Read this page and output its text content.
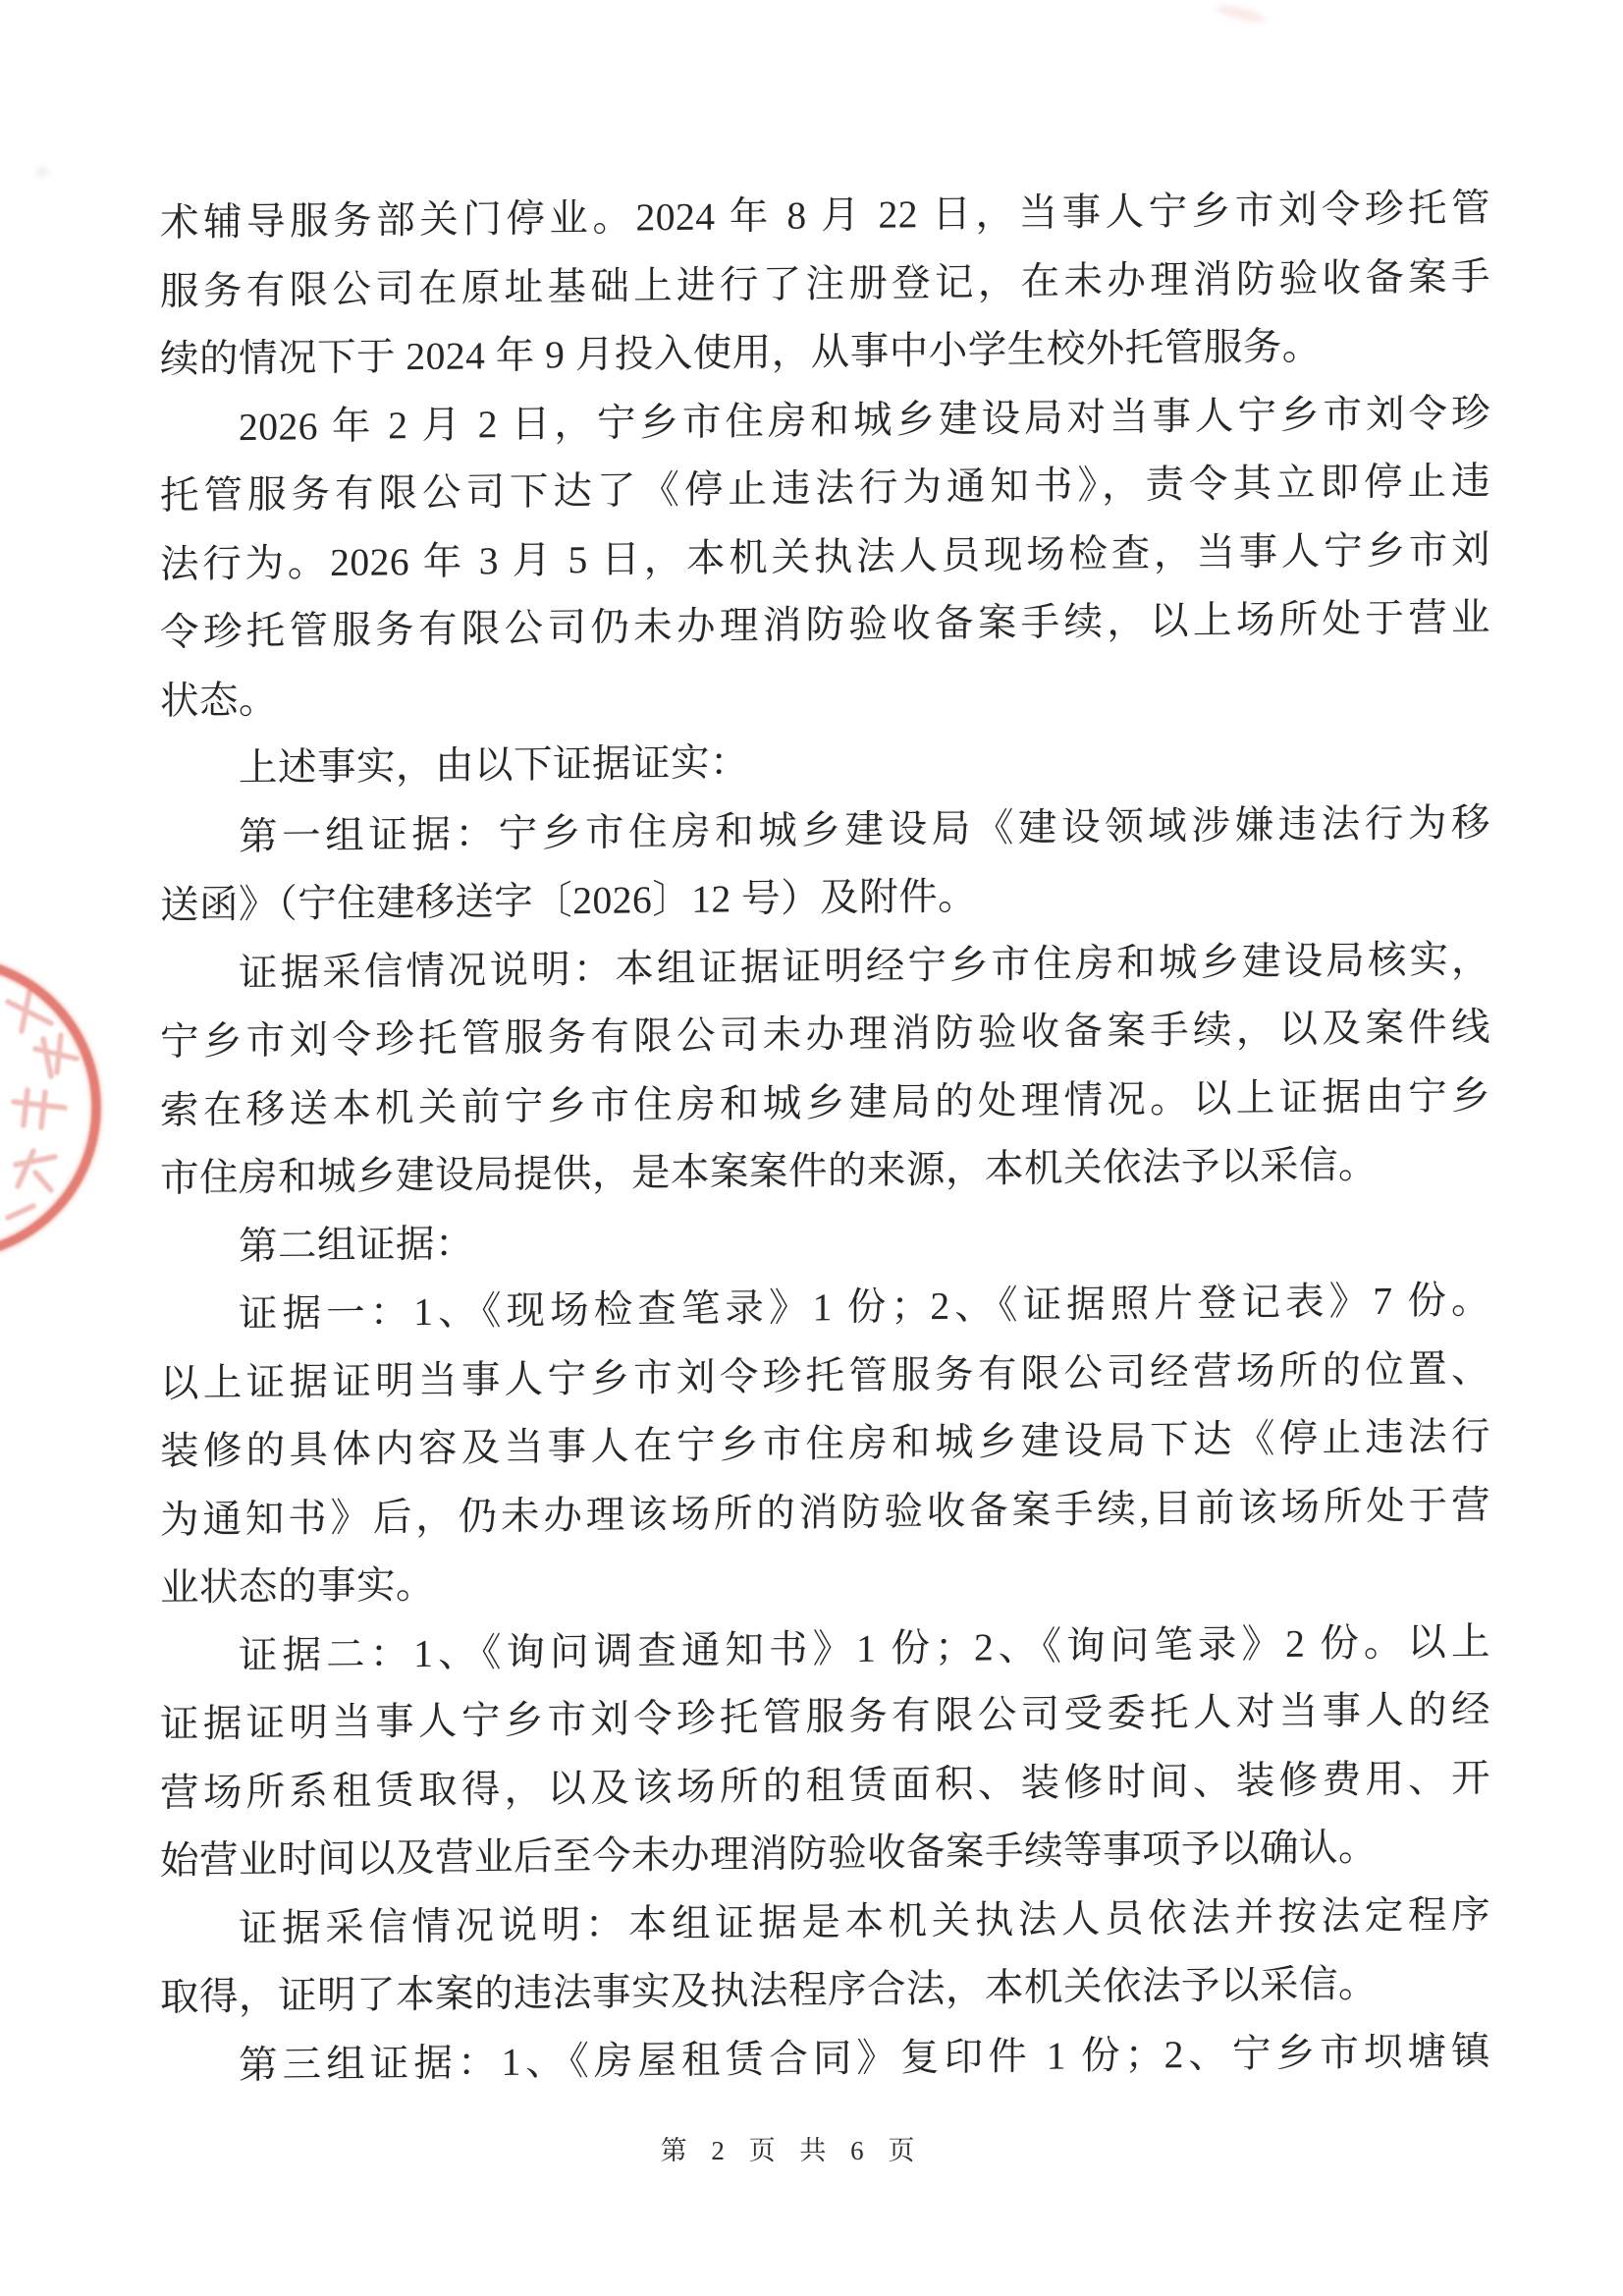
术辅导服务部关门停业。2024 年 8 月 22 日，当事人宁乡市刘令珍托管
服务有限公司在原址基础上进行了注册登记，在未办理消防验收备案手
续的情况下于 2024 年 9 月投入使用，从事中小学生校外托管服务。
2026 年 2 月 2 日，宁乡市住房和城乡建设局对当事人宁乡市刘令珍
托管服务有限公司下达了《停止违法行为通知书》，责令其立即停止违
法行为。2026 年 3 月 5 日，本机关执法人员现场检查，当事人宁乡市刘
令珍托管服务有限公司仍未办理消防验收备案手续，以上场所处于营业
状态。
上述事实，由以下证据证实：
第一组证据：宁乡市住房和城乡建设局《建设领域涉嫌违法行为移
送函》（宁住建移送字〔2026〕12 号）及附件。
证据采信情况说明：本组证据证明经宁乡市住房和城乡建设局核实，
宁乡市刘令珍托管服务有限公司未办理消防验收备案手续，以及案件线
索在移送本机关前宁乡市住房和城乡建局的处理情况。以上证据由宁乡
市住房和城乡建设局提供，是本案案件的来源，本机关依法予以采信。
第二组证据：
证据一：1、《现场检查笔录》1 份；2、《证据照片登记表》7 份。
以上证据证明当事人宁乡市刘令珍托管服务有限公司经营场所的位置、
装修的具体内容及当事人在宁乡市住房和城乡建设局下达《停止违法行
为通知书》后，仍未办理该场所的消防验收备案手续,目前该场所处于营
业状态的事实。
证据二：1、《询问调查通知书》1 份；2、《询问笔录》2 份。以上
证据证明当事人宁乡市刘令珍托管服务有限公司受委托人对当事人的经
营场所系租赁取得，以及该场所的租赁面积、装修时间、装修费用、开
始营业时间以及营业后至今未办理消防验收备案手续等事项予以确认。
证据采信情况说明：本组证据是本机关执法人员依法并按法定程序
取得，证明了本案的违法事实及执法程序合法，本机关依法予以采信。
第三组证据：1、《房屋租赁合同》复印件 1 份；2、宁乡市坝塘镇
第 2 页 共 6 页
